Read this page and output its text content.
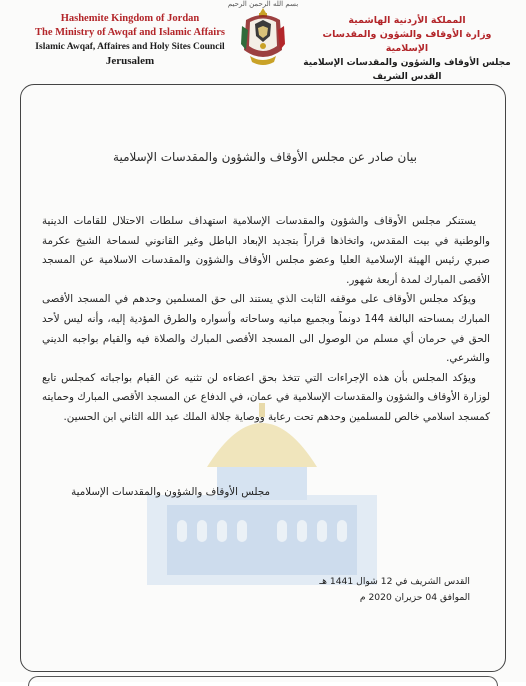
بسم الله الرحمن الرحيم
Hashemite Kingdom of Jordan
The Ministry of Awqaf and Islamic Affairs
Islamic Awqaf, Affaires and Holy Sites Council
Jerusalem
المملكة الأردنية الهاشمية
وزارة الأوقاف والشؤون والمقدسات الإسلامية
مجلس الأوقاف والشؤون والمقدسات الإسلامية
القدس الشريف
بيان صادر عن مجلس الأوقاف والشؤون والمقدسات الإسلامية

يستنكر مجلس الأوقاف والشؤون والمقدسات الإسلامية استهداف سلطات الاحتلال للقامات الدينية والوطنية في بيت المقدس، واتخاذها قراراً بتجديد الإبعاد الباطل وغير القانوني لسماحة الشيخ عكرمة صبري رئيس الهيئة الإسلامية العليا وعضو مجلس الأوقاف والشؤون والمقدسات الاسلامية عن المسجد الأقصى المبارك لمدة أربعة شهور.

ويؤكد مجلس الأوقاف على موقفه الثابت الذي يستند الى حق المسلمين وحدهم في المسجد الأقصى المبارك بمساحته البالغة 144 دونماً وبجميع مبانيه وساحاته وأسواره والطرق المؤدية إليه، وأنه ليس لأحد الحق في حرمان أي مسلم من الوصول الى المسجد الأقصى المبارك والصلاة فيه والقيام بواجبه الديني والشرعي.

ويؤكد المجلس بأن هذه الإجراءات التي تتخذ بحق اعضاءه لن تثنيه عن القيام بواجباته كمجلس تابع لوزارة الأوقاف والشؤون والمقدسات الإسلامية في عمان، في الدفاع عن المسجد الأقصى المبارك وحمايته كمسجد اسلامي خالص للمسلمين وحدهم تحت رعاية ووصاية جلالة الملك عبد الله الثاني ابن الحسين.

مجلس الأوقاف والشؤون والمقدسات الإسلامية
القدس الشريف في 12 شوال 1441 هـ
الموافق 04 حزيران 2020 م
